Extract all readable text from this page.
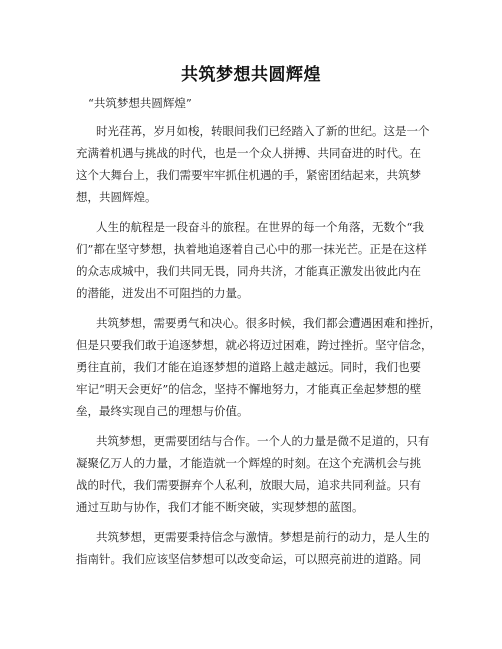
共筑梦想共圆辉煌
“共筑梦想共圆辉煌”
时光荏苒，岁月如梭，转眼间我们已经踏入了新的世纪。这是一个
充满着机遇与挑战的时代，也是一个众人拼搏、共同奋进的时代。在
这个大舞台上，我们需要牢牢抓住机遇的手，紧密团结起来，共筑梦
想，共圆辉煌。
人生的航程是一段奋斗的旅程。在世界的每一个角落，无数个“我
们”都在坚守梦想，执着地追逐着自己心中的那一抹光芒。正是在这样
的众志成城中，我们共同无畏，同舟共济，才能真正激发出彼此内在
的潜能，迸发出不可阻挡的力量。
共筑梦想，需要勇气和决心。很多时候，我们都会遭遇困难和挫折，
但是只要我们敢于追逐梦想，就必将迈过困难，跨过挫折。坚守信念，
勇往直前，我们才能在追逐梦想的道路上越走越远。同时，我们也要
牢记“明天会更好”的信念，坚持不懈地努力，才能真正垒起梦想的壁
垒，最终实现自己的理想与价值。
共筑梦想，更需要团结与合作。一个人的力量是微不足道的，只有
凝聚亿万人的力量，才能造就一个辉煌的时刻。在这个充满机会与挑
战的时代，我们需要摒弃个人私利，放眼大局，追求共同利益。只有
通过互助与协作，我们才能不断突破，实现梦想的蓝图。
共筑梦想，更需要秉持信念与激情。梦想是前行的动力，是人生的
指南针。我们应该坚信梦想可以改变命运，可以照亮前进的道路。同
